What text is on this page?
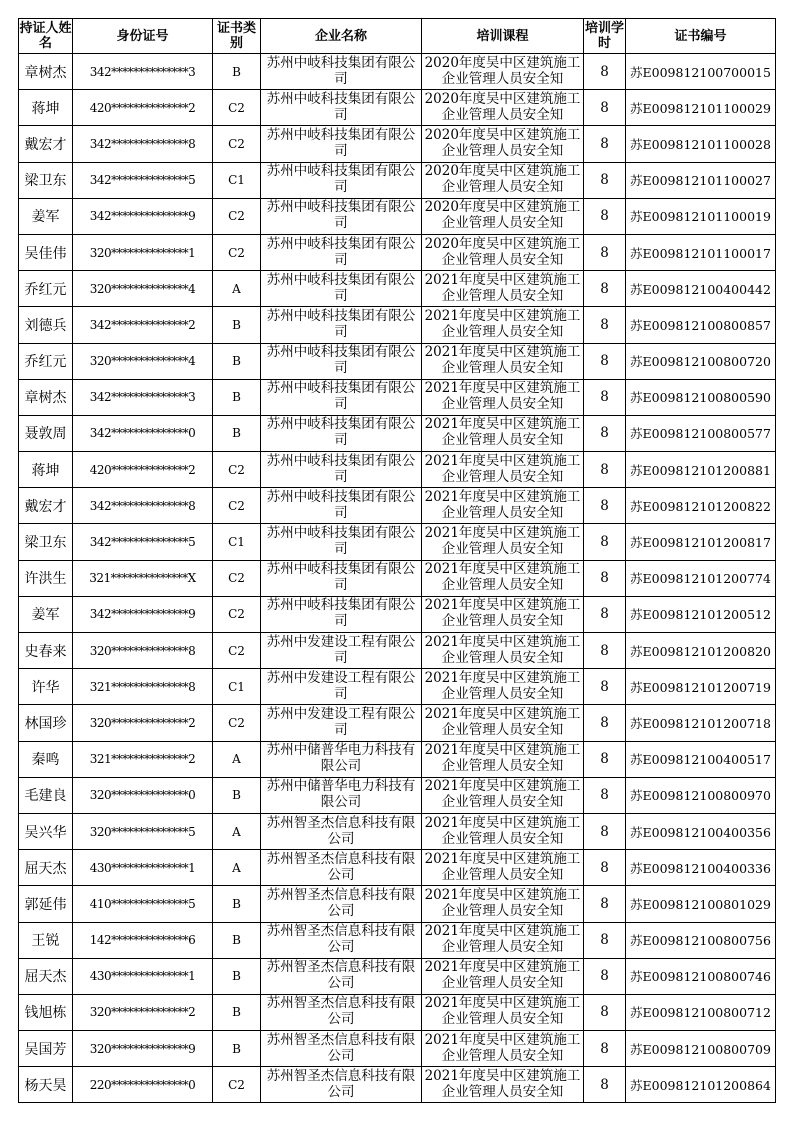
持证人姓名	身份证号	证书类别	企业名称	培训课程	培训学时	证书编号
章树杰	342**************3	B	苏州中岐科技集团有限公司	2020年度吴中区建筑施工企业管理人员安全知	8	苏E009812100700015
蒋坤	420**************2	C2	苏州中岐科技集团有限公司	2020年度吴中区建筑施工企业管理人员安全知	8	苏E009812101100029
戴宏才	342**************8	C2	苏州中岐科技集团有限公司	2020年度吴中区建筑施工企业管理人员安全知	8	苏E009812101100028
梁卫东	342**************5	C1	苏州中岐科技集团有限公司	2020年度吴中区建筑施工企业管理人员安全知	8	苏E009812101100027
姜军	342**************9	C2	苏州中岐科技集团有限公司	2020年度吴中区建筑施工企业管理人员安全知	8	苏E009812101100019
吴佳伟	320**************1	C2	苏州中岐科技集团有限公司	2020年度吴中区建筑施工企业管理人员安全知	8	苏E009812101100017
乔红元	320**************4	A	苏州中岐科技集团有限公司	2021年度吴中区建筑施工企业管理人员安全知	8	苏E009812100400442
刘德兵	342**************2	B	苏州中岐科技集团有限公司	2021年度吴中区建筑施工企业管理人员安全知	8	苏E009812100800857
乔红元	320**************4	B	苏州中岐科技集团有限公司	2021年度吴中区建筑施工企业管理人员安全知	8	苏E009812100800720
章树杰	342**************3	B	苏州中岐科技集团有限公司	2021年度吴中区建筑施工企业管理人员安全知	8	苏E009812100800590
聂敦周	342**************0	B	苏州中岐科技集团有限公司	2021年度吴中区建筑施工企业管理人员安全知	8	苏E009812100800577
蒋坤	420**************2	C2	苏州中岐科技集团有限公司	2021年度吴中区建筑施工企业管理人员安全知	8	苏E009812101200881
戴宏才	342**************8	C2	苏州中岐科技集团有限公司	2021年度吴中区建筑施工企业管理人员安全知	8	苏E009812101200822
梁卫东	342**************5	C1	苏州中岐科技集团有限公司	2021年度吴中区建筑施工企业管理人员安全知	8	苏E009812101200817
许洪生	321**************X	C2	苏州中岐科技集团有限公司	2021年度吴中区建筑施工企业管理人员安全知	8	苏E009812101200774
姜军	342**************9	C2	苏州中岐科技集团有限公司	2021年度吴中区建筑施工企业管理人员安全知	8	苏E009812101200512
史春来	320**************8	C2	苏州中发建设工程有限公司	2021年度吴中区建筑施工企业管理人员安全知	8	苏E009812101200820
许华	321**************8	C1	苏州中发建设工程有限公司	2021年度吴中区建筑施工企业管理人员安全知	8	苏E009812101200719
林国珍	320**************2	C2	苏州中发建设工程有限公司	2021年度吴中区建筑施工企业管理人员安全知	8	苏E009812101200718
秦鸣	321**************2	A	苏州中储普华电力科技有限公司	2021年度吴中区建筑施工企业管理人员安全知	8	苏E009812100400517
毛建良	320**************0	B	苏州中储普华电力科技有限公司	2021年度吴中区建筑施工企业管理人员安全知	8	苏E009812100800970
吴兴华	320**************5	A	苏州智圣杰信息科技有限公司	2021年度吴中区建筑施工企业管理人员安全知	8	苏E009812100400356
屈天杰	430**************1	A	苏州智圣杰信息科技有限公司	2021年度吴中区建筑施工企业管理人员安全知	8	苏E009812100400336
郭延伟	410**************5	B	苏州智圣杰信息科技有限公司	2021年度吴中区建筑施工企业管理人员安全知	8	苏E009812100801029
王锐	142**************6	B	苏州智圣杰信息科技有限公司	2021年度吴中区建筑施工企业管理人员安全知	8	苏E009812100800756
屈天杰	430**************1	B	苏州智圣杰信息科技有限公司	2021年度吴中区建筑施工企业管理人员安全知	8	苏E009812100800746
钱旭栋	320**************2	B	苏州智圣杰信息科技有限公司	2021年度吴中区建筑施工企业管理人员安全知	8	苏E009812100800712
吴国芳	320**************9	B	苏州智圣杰信息科技有限公司	2021年度吴中区建筑施工企业管理人员安全知	8	苏E009812100800709
杨天昊	220**************0	C2	苏州智圣杰信息科技有限公司	2021年度吴中区建筑施工企业管理人员安全知	8	苏E009812101200864
